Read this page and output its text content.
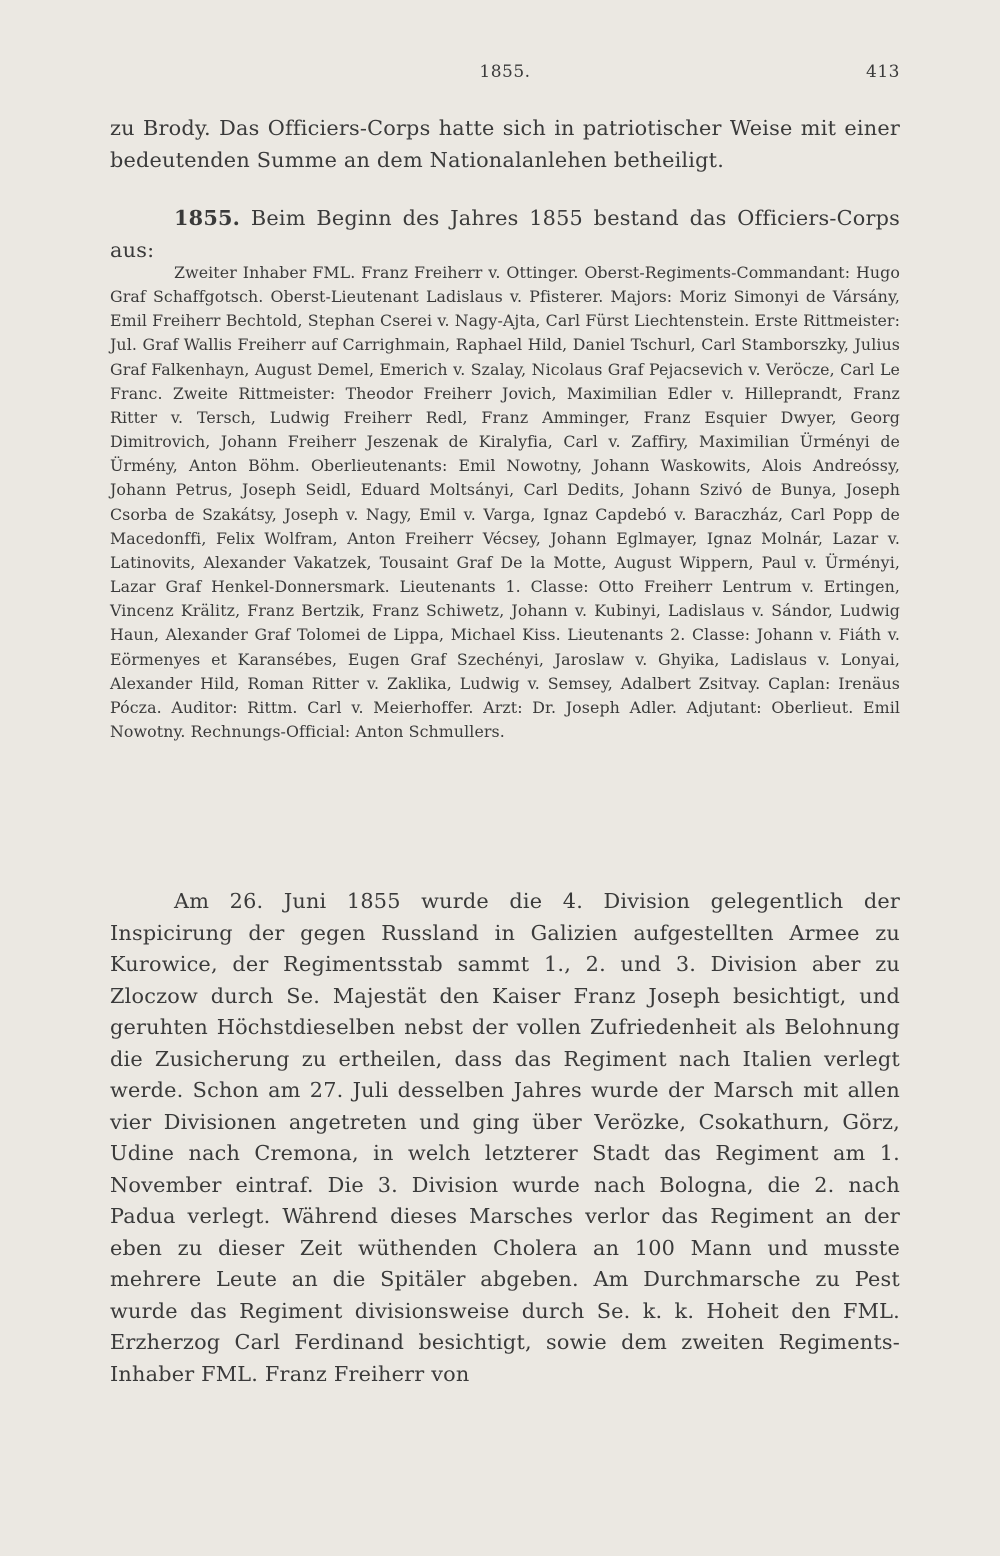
1855.	413

zu Brody. Das Officiers-Corps hatte sich in patriotischer Weise mit einer bedeutenden Summe an dem Nationalanlehen betheiligt.

1855. Beim Beginn des Jahres 1855 bestand das Officiers-Corps aus:

Zweiter Inhaber FML. Franz Freiherr v. Ottinger. Oberst-Regiments-Commandant: Hugo Graf Schaffgotsch. Oberst-Lieutenant Ladislaus v. Pfisterer. Majors: Moriz Simonyi de Vársány, Emil Freiherr Bechtold, Stephan Cserei v. Nagy-Ajta, Carl Fürst Liechtenstein. Erste Rittmeister: Jul. Graf Wallis Freiherr auf Carrighmain, Raphael Hild, Daniel Tschurl, Carl Stamborszky, Julius Graf Falkenhayn, August Demel, Emerich v. Szalay, Nicolaus Graf Pejacsevich v. Veröcze, Carl Le Franc. Zweite Rittmeister: Theodor Freiherr Jovich, Maximilian Edler v. Hilleprandt, Franz Ritter v. Tersch, Ludwig Freiherr Redl, Franz Amminger, Franz Esquier Dwyer, Georg Dimitrovich, Johann Freiherr Jeszenak de Kiralyfia, Carl v. Zaffiry, Maximilian Ürményi de Ürmény, Anton Böhm. Oberlieutenants: Emil Nowotny, Johann Waskowits, Alois Andreóssy, Johann Petrus, Joseph Seidl, Eduard Moltsányi, Carl Dedits, Johann Szivó de Bunya, Joseph Csorba de Szakátsy, Joseph v. Nagy, Emil v. Varga, Ignaz Capdebó v. Baraczház, Carl Popp de Macedonffi, Felix Wolfram, Anton Freiherr Vécsey, Johann Eglmayer, Ignaz Molnár, Lazar v. Latinovits, Alexander Vakatzek, Tousaint Graf De la Motte, August Wippern, Paul v. Ürményi, Lazar Graf Henkel-Donnersmark. Lieutenants 1. Classe: Otto Freiherr Lentrum v. Ertingen, Vincenz Krälitz, Franz Bertzik, Franz Schiwetz, Johann v. Kubinyi, Ladislaus v. Sándor, Ludwig Haun, Alexander Graf Tolomei de Lippa, Michael Kiss. Lieutenants 2. Classe: Johann v. Fiáth v. Eörmenyes et Karansébes, Eugen Graf Szechényi, Jaroslaw v. Ghyika, Ladislaus v. Lonyai, Alexander Hild, Roman Ritter v. Zaklika, Ludwig v. Semsey, Adalbert Zsitvay. Caplan: Irenäus Pócza. Auditor: Rittm. Carl v. Meierhoffer. Arzt: Dr. Joseph Adler. Adjutant: Oberlieut. Emil Nowotny. Rechnungs-Official: Anton Schmullers.

Am 26. Juni 1855 wurde die 4. Division gelegentlich der Inspicirung der gegen Russland in Galizien aufgestellten Armee zu Kurowice, der Regimentsstab sammt 1., 2. und 3. Division aber zu Zloczow durch Se. Majestät den Kaiser Franz Joseph besichtigt, und geruhten Höchstdieselben nebst der vollen Zufriedenheit als Belohnung die Zusicherung zu ertheilen, dass das Regiment nach Italien verlegt werde. Schon am 27. Juli desselben Jahres wurde der Marsch mit allen vier Divisionen angetreten und ging über Verözke, Csokathurn, Görz, Udine nach Cremona, in welch letzterer Stadt das Regiment am 1. November eintraf. Die 3. Division wurde nach Bologna, die 2. nach Padua verlegt. Während dieses Marsches verlor das Regiment an der eben zu dieser Zeit wüthenden Cholera an 100 Mann und musste mehrere Leute an die Spitäler abgeben. Am Durchmarsche zu Pest wurde das Regiment divisionsweise durch Se. k. k. Hoheit den FML. Erzherzog Carl Ferdinand besichtigt, sowie dem zweiten Regiments-Inhaber FML. Franz Freiherr von
